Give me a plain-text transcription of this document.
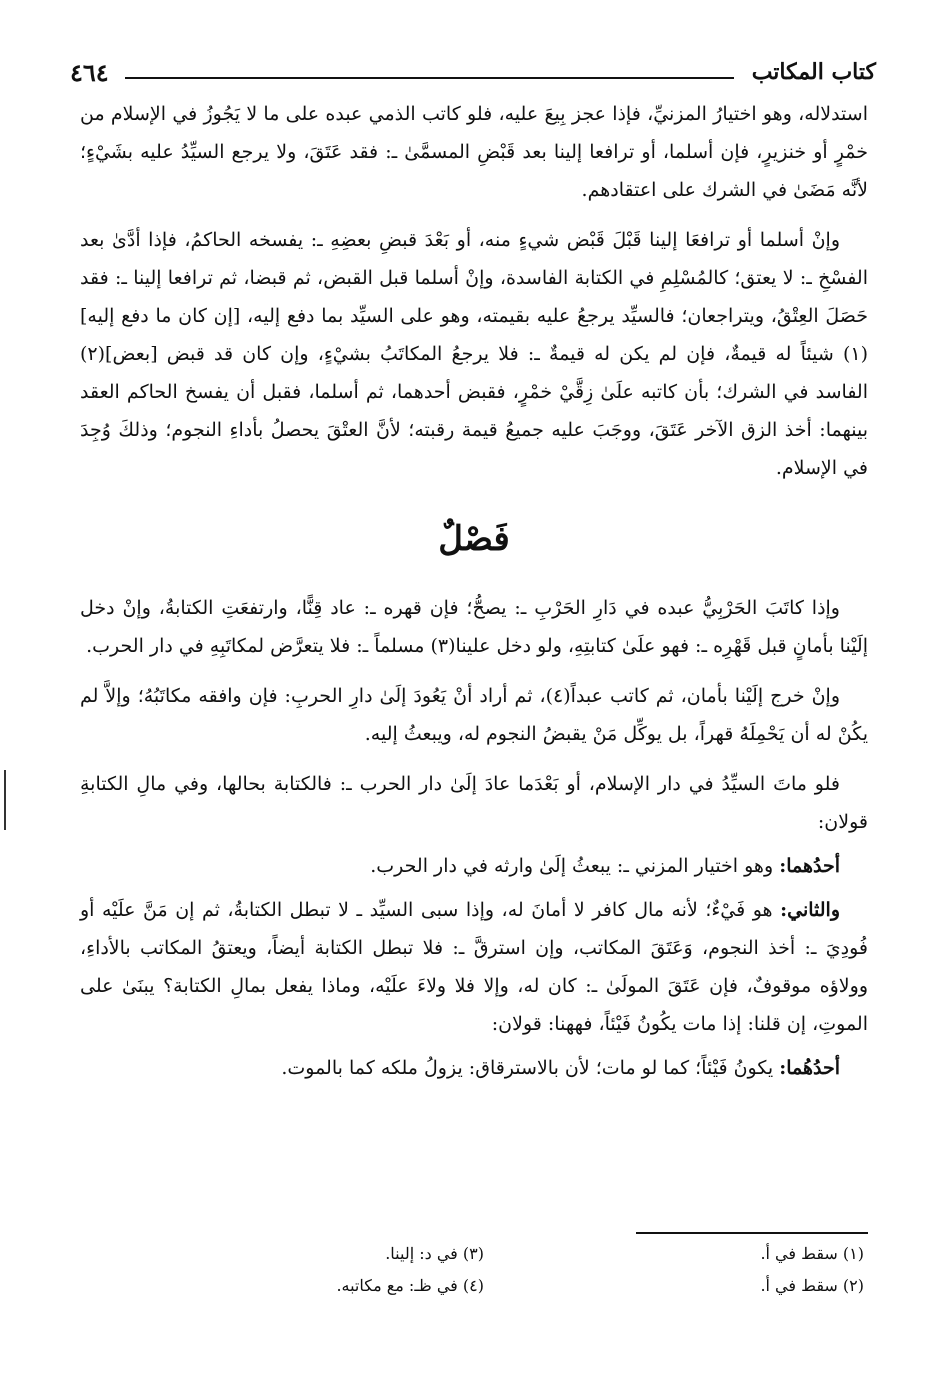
كتاب المكاتب
٤٦٤

استدلاله، وهو اختيارُ المزنيِّ، فإذا عجز بِيعَ عليه، فلو كاتب الذمي عبده على ما لا يَجُوزُ في الإسلام من خمْرٍ أو خنزيرٍ، فإن أسلما، أو ترافعا إلينا بعد قَبْضِ المسمَّىٰ ـ: فقد عَتَقَ، ولا يرجع السيِّدُ عليه بشَيْءٍ؛ لأنَّه مَضَىٰ في الشرك على اعتقادهم.

وإنْ أسلما أو ترافعَا إلينا قَبْلَ قَبْض شيءٍ منه، أو بَعْدَ قبضِ بعضِهِ ـ: يفسخه الحاكمُ، فإذا أدَّىٰ بعد الفسْخِ ـ: لا يعتق؛ كالمُسْلِمِ في الكتابة الفاسدة، وإنْ أسلما قبل القبض، ثم قبضا، ثم ترافعا إلينا ـ: فقد حَصَلَ العِتْقُ، ويتراجعان؛ فالسيِّد يرجعُ عليه بقيمته، وهو على السيِّد بما دفع إليه، [إن كان ما دفع إليه](١) شيئاً له قيمةٌ، فإن لم يكن له قيمةٌ ـ: فلا يرجعُ المكاتَبُ بشيْءٍ، وإن كان قد قبض [بعض](٢) الفاسد في الشرك؛ بأن كاتبه علَىٰ زِقَّيْ خمْرٍ، فقبض أحدهما، ثم أسلما، فقبل أن يفسخ الحاكم العقد بينهما: أخذ الزق الآخر عَتَقَ، ووجَبَ عليه جميعُ قيمة رقبته؛ لأنَّ العتْقَ يحصلُ بأداءِ النجوم؛ وذلكَ وُجِدَ في الإسلام.

فَصْلٌ

وإذا كاتَبَ الحَرْبِيُّ عبده في دَارِ الحَرْبِ ـ: يصحُّ؛ فإن قهره ـ: عاد قِنًّا، وارتفعَتِ الكتابةُ، وإنْ دخل إلَيْنا بأمانٍ قبل قَهْرِه ـ: فهو علَىٰ كتابتِهِ، ولو دخل علينا(٣) مسلماً ـ: فلا يتعرَّض لمكاتَبِهِ في دار الحرب.

وإنْ خرج إلَيْنا بأمان، ثم كاتب عبداً(٤)، ثم أراد أنْ يَعُودَ إلَىٰ دارِ الحربِ: فإن وافقه مكاتَبُهُ؛ وإلاَّ لم يكُنْ له أن يَحْمِلَهُ قهراً، بل يوكِّل مَنْ يقبضُ النجوم له، ويبعثُ إليه.

فلو ماتَ السيِّدُ في دار الإسلام، أو بَعْدَما عادَ إلَىٰ دار الحرب ـ: فالكتابة بحالها، وفي مالِ الكتابةِ قولان:

أحدُهما: وهو اختيار المزني ـ: يبعثُ إلَىٰ وارثه في دار الحرب.

والثاني: هو فَيْءٌ؛ لأنه مال كافر لا أمانَ له، وإذا سبى السيِّد ـ لا تبطل الكتابةُ، ثم إن مَنَّ علَيْه أو فُودِيَ ـ: أخذ النجوم، وَعَتَقَ المكاتب، وإن استرقَّ ـ: فلا تبطل الكتابة أيضاً، ويعتقُ المكاتب بالأداءِ، وولاؤه موقوفٌ، فإن عَتَقَ المولَىٰ ـ: كان له، وإلا فلا ولاءَ علَيْه، وماذا يفعل بمالِ الكتابة؟ يبنَىٰ على الموتِ، إن قلنا: إذا مات يكُونُ فَيْئاً، فههنا: قولان:

أحدُهُما: يكونُ فَيْئاً؛ كما لو مات؛ لأن بالاسترقاق: يزولُ ملكه كما بالموت.

(١) سقط في أ.
(٣) في د: إلينا.
(٢) سقط في أ.
(٤) في ظـ: مع مكاتبه.
